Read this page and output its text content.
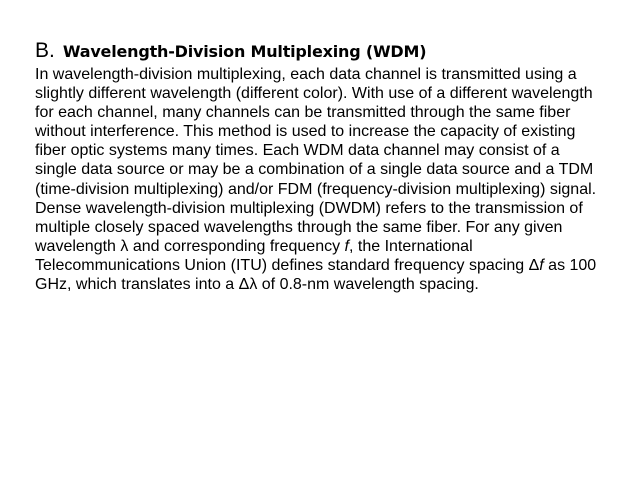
B. Wavelength-Division Multiplexing (WDM)

In wavelength-division multiplexing, each data channel is transmitted using a
slightly different wavelength (different color). With use of a different wavelength
for each channel, many channels can be transmitted through the same fiber
without interference. This method is used to increase the capacity of existing
fiber optic systems many times. Each WDM data channel may consist of a
single data source or may be a combination of a single data source and a TDM
(time-division multiplexing) and/or FDM (frequency-division multiplexing) signal.
Dense wavelength-division multiplexing (DWDM) refers to the transmission of
multiple closely spaced wavelengths through the same fiber. For any given
wavelength λ and corresponding frequency f, the International
Telecommunications Union (ITU) defines standard frequency spacing Δf as 100
GHz, which translates into a Δλ of 0.8-nm wavelength spacing.
